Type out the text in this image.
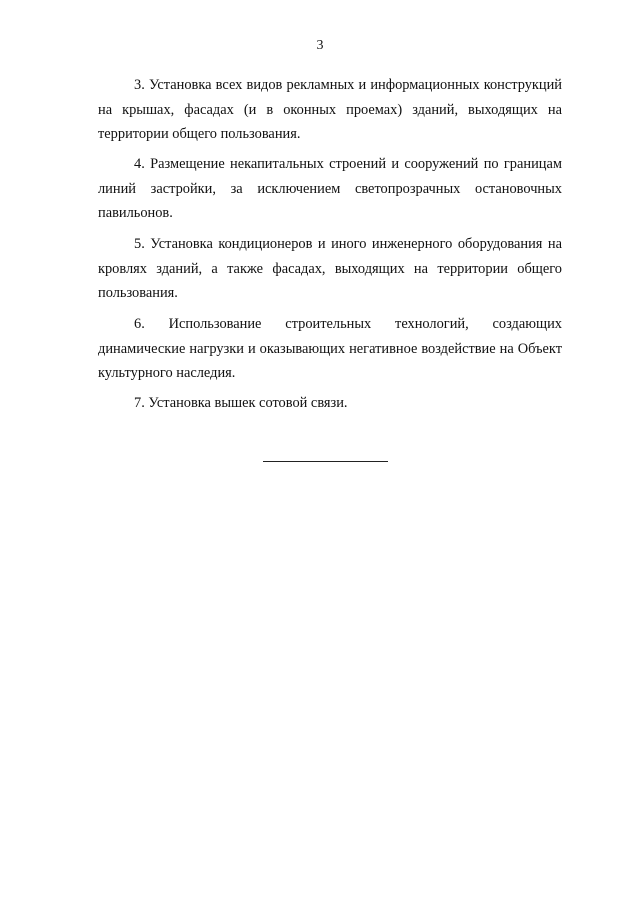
3

3. Установка всех видов рекламных и информационных конструкций на крышах, фасадах (и в оконных проемах) зданий, выходящих на территории общего пользования.

4. Размещение некапитальных строений и сооружений по границам линий застройки, за исключением светопрозрачных остановочных павильонов.

5. Установка кондиционеров и иного инженерного оборудования на кровлях зданий, а также фасадах, выходящих на территории общего пользования.

6. Использование строительных технологий, создающих
динамические нагрузки и оказывающих негативное воздействие на Объект культурного наследия.

7. Установка вышек сотовой связи.
